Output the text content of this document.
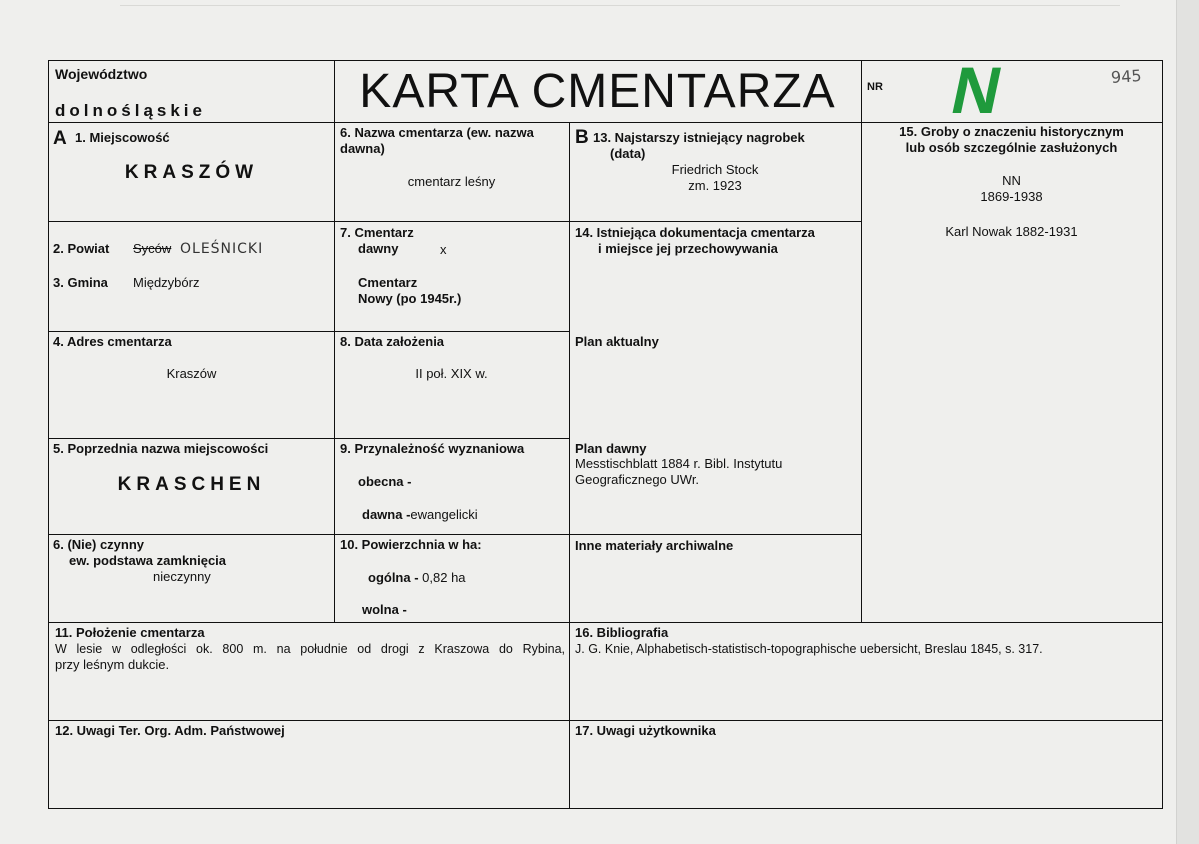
Województwo
dolnośląskie	KARTA CMENTARZA	NR N	945
A 1. Miejscowość
KRASZÓW
2. Powiat Syców OLEŚNICKI
3. Gmina Międzybórz
4. Adres cmentarza
Kraszów
5. Poprzednia nazwa miejscowości
KRASCHEN
6. (Nie) czynny
ew. podstawa zamknięcia
nieczynny
6. Nazwa cmentarza (ew. nazwa dawna)
cmentarz leśny
7. Cmentarz
dawny	x
Cmentarz
Nowy (po 1945r.)
8. Data założenia
II poł. XIX w.
9. Przynależność wyznaniowa
obecna -
dawna -ewangelicki
10. Powierzchnia w ha:
ogólna - 0,82 ha
wolna -
B 13. Najstarszy istniejący nagrobek
(data)
Friedrich Stock
zm. 1923
14. Istniejąca dokumentacja cmentarza
i miejsce jej przechowywania
Plan aktualny
Plan dawny
Messtischblatt 1884 r. Bibl. Instytutu
Geograficznego UWr.
Inne materiały archiwalne
15. Groby o znaczeniu historycznym
lub osób szczególnie zasłużonych
NN
1869-1938
Karl Nowak 1882-1931
11. Położenie cmentarza
W lesie w odległości ok. 800 m. na południe od drogi z Kraszowa do Rybina,
przy leśnym dukcie.
16. Bibliografia
J. G. Knie, Alphabetisch-statistisch-topographische uebersicht, Breslau 1845, s. 317.
12. Uwagi Ter. Org. Adm. Państwowej	17. Uwagi użytkownika
